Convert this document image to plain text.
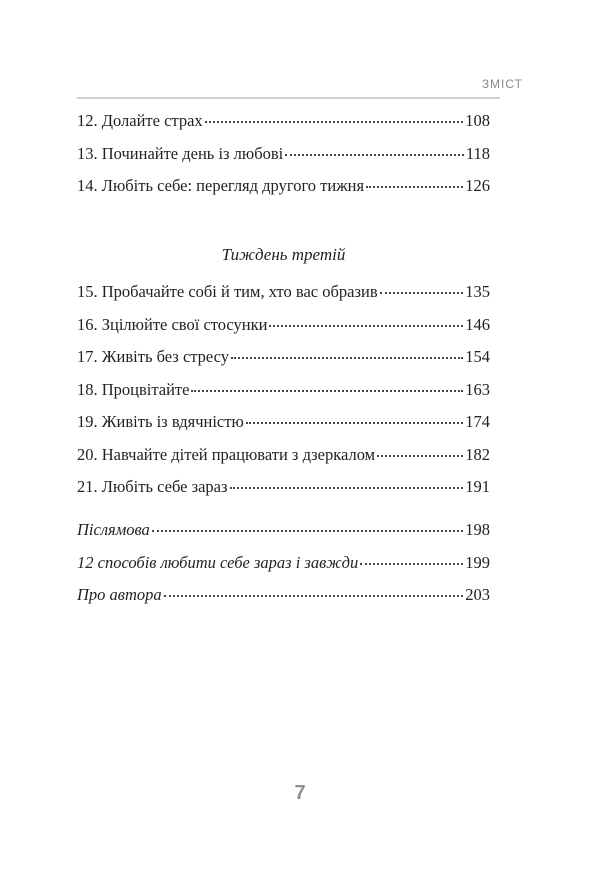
ЗМІСТ
12. Долайте страх	108
13. Починайте день із любові	118
14. Любіть себе: перегляд другого тижня	126
Тиждень третій
15. Пробачайте собі й тим, хто вас образив	135
16. Зцілюйте свої стосунки	146
17. Живіть без стресу	154
18. Процвітайте	163
19. Живіть із вдячністю	174
20. Навчайте дітей працювати з дзеркалом	182
21. Любіть себе зараз	191
Післямова	198
12 способів любити себе зараз і завжди	199
Про автора	203
7
